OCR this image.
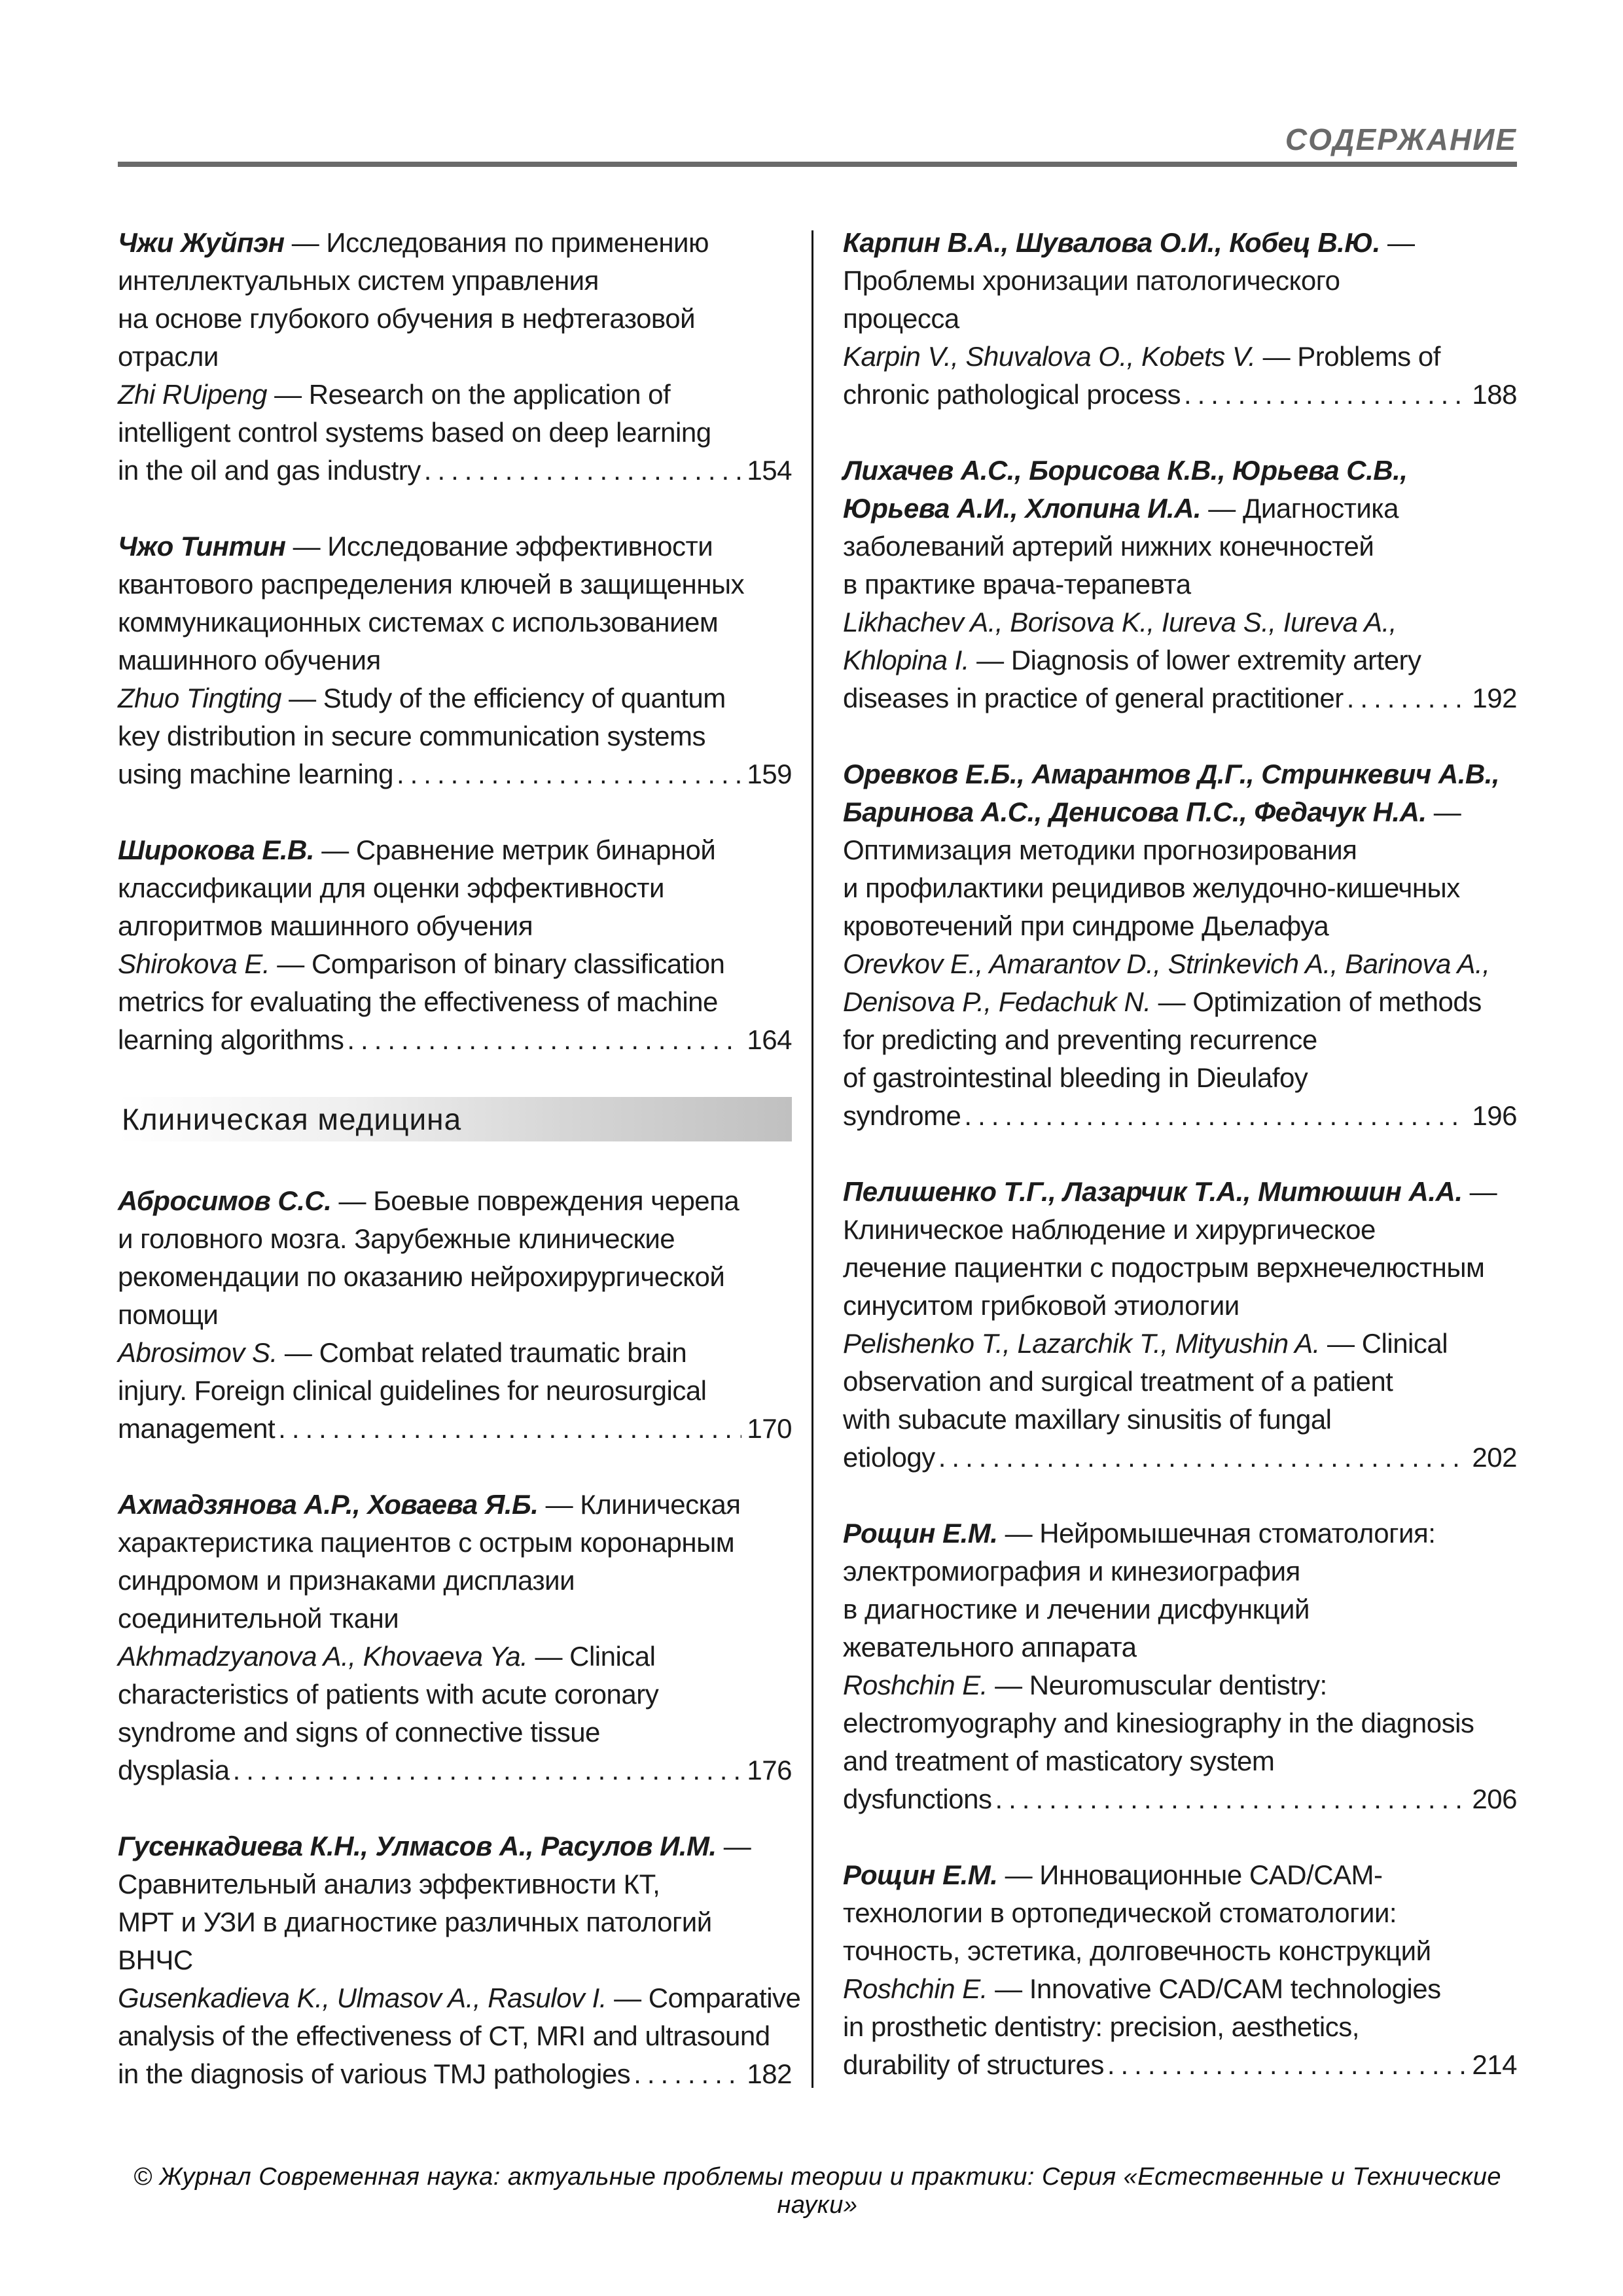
СОДЕРЖАНИЕ
Чжи Жуйпэн — Исследования по применению
интеллектуальных систем управления
на основе глубокого обучения в нефтегазовой
отрасли
Zhi RUipeng — Research on the application of
intelligent control systems based on deep learning
in the oil and gas industry .....	154
Чжо Тинтин — Исследование эффективности
квантового распределения ключей в защищенных
коммуникационных системах с использованием
машинного обучения
Zhuo Tingting — Study of the efficiency of quantum
key distribution in secure communication systems
using machine learning .....	159
Широкова Е.В. — Сравнение метрик бинарной
классификации для оценки эффективности
алгоритмов машинного обучения
Shirokova E. — Comparison of binary classification
metrics for evaluating the effectiveness of machine
learning algorithms .....	164
Клиническая медицина
Абросимов С.С. — Боевые повреждения черепа
и головного мозга. Зарубежные клинические
рекомендации по оказанию нейрохирургической
помощи
Abrosimov S. — Combat related traumatic brain
injury. Foreign clinical guidelines for neurosurgical
management .....	170
Ахмадзянова А.Р., Ховаева Я.Б. — Клиническая
характеристика пациентов с острым коронарным
синдромом и признаками дисплазии
соединительной ткани
Akhmadzyanova A., Khovaeva Ya. — Clinical
characteristics of patients with acute coronary
syndrome and signs of connective tissue
dysplasia .....	176
Гусенкадиева К.Н., Улмасов А., Расулов И.М. —
Сравнительный анализ эффективности КТ,
МРТ и УЗИ в диагностике различных патологий
ВНЧС
Gusenkadieva K., Ulmasov A., Rasulov I. — Comparative
analysis of the effectiveness of CT, MRI and ultrasound
in the diagnosis of various TMJ pathologies .....	182
Карпин В.А., Шувалова О.И., Кобец В.Ю. —
Проблемы хронизации патологического
процесса
Karpin V., Shuvalova O., Kobets V. — Problems of
chronic pathological process .....	188
Лихачев А.С., Борисова К.В., Юрьева С.В.,
Юрьева А.И., Хлопина И.А. — Диагностика
заболеваний артерий нижних конечностей
в практике врача-терапевта
Likhachev A., Borisova K., Iureva S., Iureva A.,
Khlopina I. — Diagnosis of lower extremity artery
diseases in practice of general practitioner .....	192
Оревков Е.Б., Амарантов Д.Г., Стринкевич А.В.,
Баринова А.С., Денисова П.С., Федачук Н.А. —
Оптимизация методики прогнозирования
и профилактики рецидивов желудочно-кишечных
кровотечений при синдроме Дьелафуа
Orevkov E., Amarantov D., Strinkevich A., Barinova A.,
Denisova P., Fedachuk N. — Optimization of methods
for predicting and preventing recurrence
of gastrointestinal bleeding in Dieulafoy
syndrome .....	196
Пелишенко Т.Г., Лазарчик Т.А., Митюшин А.А. —
Клиническое наблюдение и хирургическое
лечение пациентки с подострым верхнечелюстным
синуситом грибковой этиологии
Pelishenko T., Lazarchik T., Mityushin A. — Clinical
observation and surgical treatment of a patient
with subacute maxillary sinusitis of fungal
etiology .....	202
Рощин Е.М. — Нейромышечная стоматология:
электромиография и кинезиография
в диагностике и лечении дисфункций
жевательного аппарата
Roshchin E. — Neuromuscular dentistry:
electromyography and kinesiography in the diagnosis
and treatment of masticatory system
dysfunctions .....	206
Рощин Е.М. — Инновационные CAD/CAM-
технологии в ортопедической стоматологии:
точность, эстетика, долговечность конструкций
Roshchin E. — Innovative CAD/CAM technologies
in prosthetic dentistry: precision, aesthetics,
durability of structures .....	214
© Журнал Современная наука: актуальные проблемы теории и практики: Серия «Естественные и Технические науки»
